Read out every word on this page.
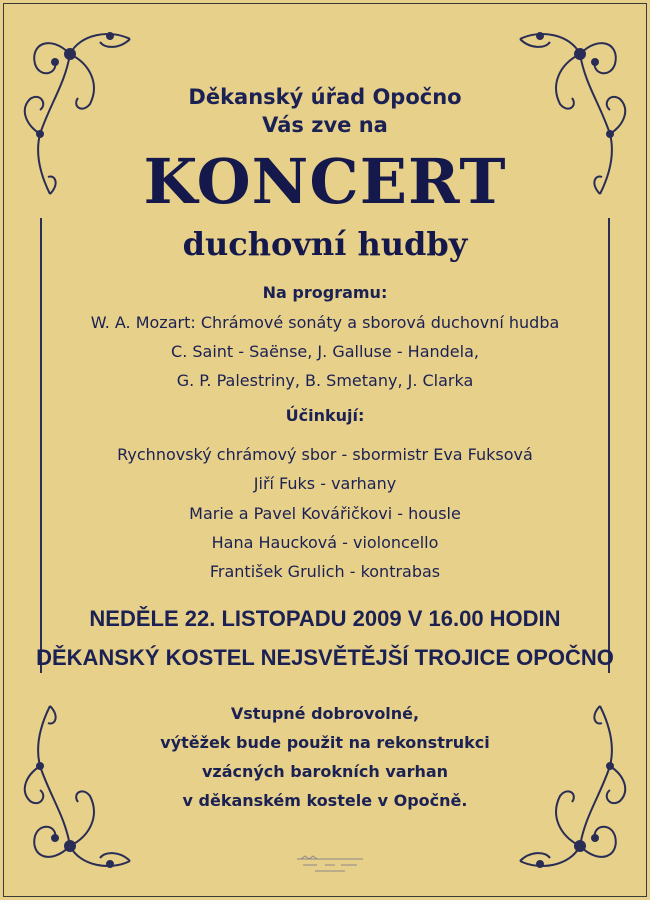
Děkanský úřad Opočno
Vás zve na
KONCERT
duchovní hudby
Na programu:
W. A. Mozart: Chrámové sonáty a sborová duchovní hudba
C. Saint - Saënse, J. Galluse - Handela,
G. P. Palestriny, B. Smetany, J. Clarka
Účinkují:
Rychnovský chrámový sbor - sbormistr Eva Fuksová
Jiří Fuks - varhany
Marie a Pavel Kovářičkovi - housle
Hana Haucková - violoncello
František Grulich - kontrabas
NEDĚLE 22. LISTOPADU 2009 V 16.00 HODIN
DĚKANSKÝ KOSTEL NEJSVĚTĚJŠÍ TROJICE OPOČNO
Vstupné dobrovolné,
výtěžek bude použit na rekonstrukci
vzácných barokních varhan
v děkanském kostele v Opočně.
